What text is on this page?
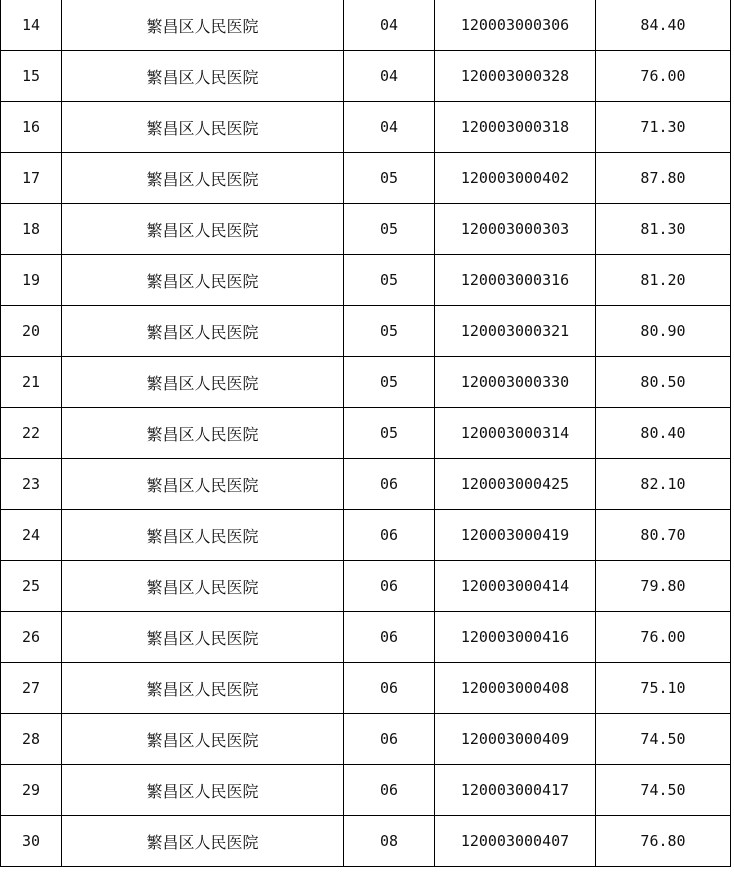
14	繁昌区人民医院	04	120003000306	84.40
15	繁昌区人民医院	04	120003000328	76.00
16	繁昌区人民医院	04	120003000318	71.30
17	繁昌区人民医院	05	120003000402	87.80
18	繁昌区人民医院	05	120003000303	81.30
19	繁昌区人民医院	05	120003000316	81.20
20	繁昌区人民医院	05	120003000321	80.90
21	繁昌区人民医院	05	120003000330	80.50
22	繁昌区人民医院	05	120003000314	80.40
23	繁昌区人民医院	06	120003000425	82.10
24	繁昌区人民医院	06	120003000419	80.70
25	繁昌区人民医院	06	120003000414	79.80
26	繁昌区人民医院	06	120003000416	76.00
27	繁昌区人民医院	06	120003000408	75.10
28	繁昌区人民医院	06	120003000409	74.50
29	繁昌区人民医院	06	120003000417	74.50
30	繁昌区人民医院	08	120003000407	76.80
